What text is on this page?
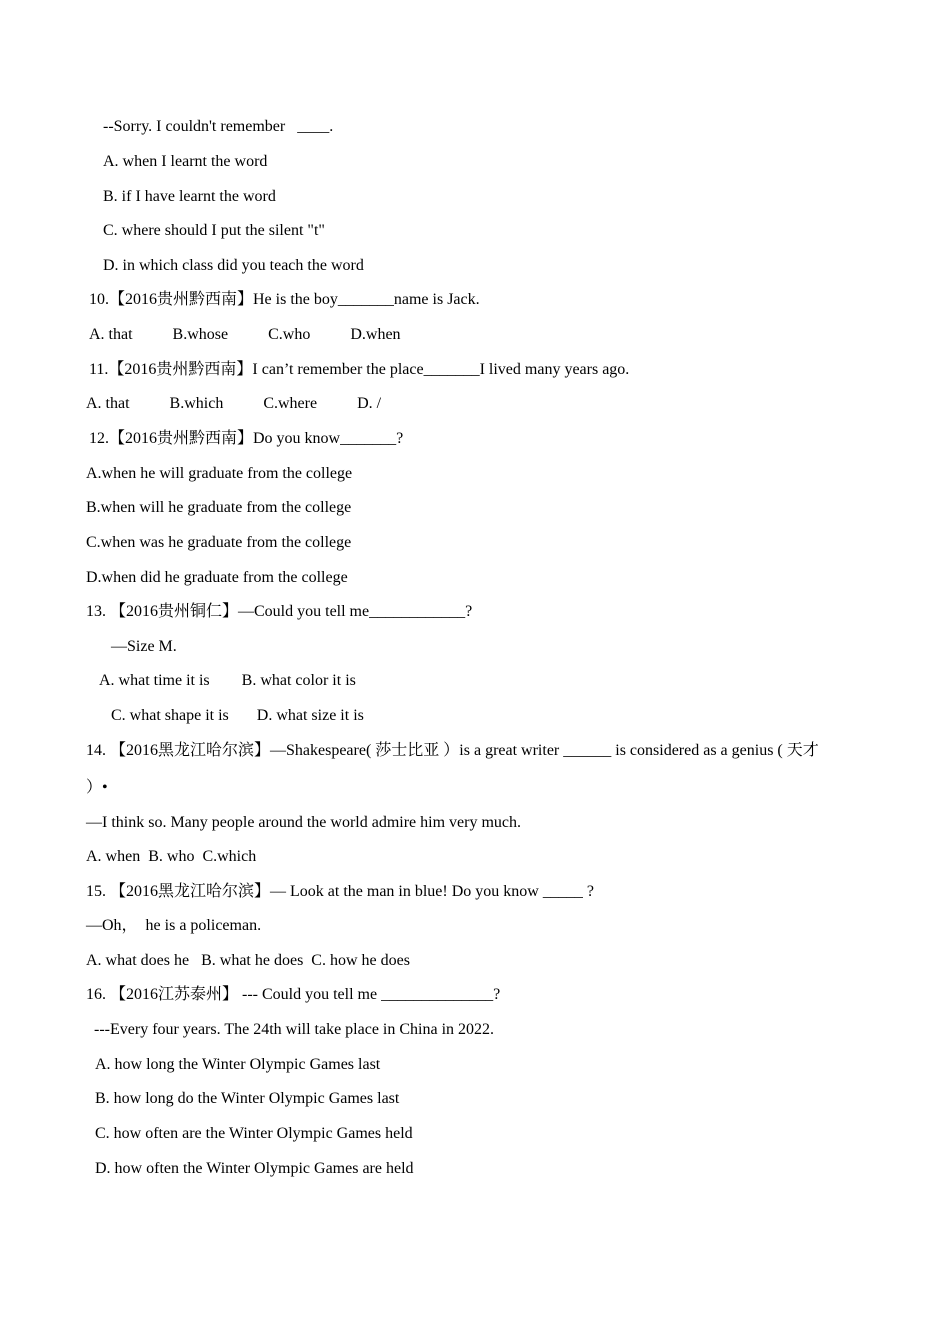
--Sorry. I couldn't remember   ____.
A. when I learnt the word
B. if I have learnt the word
C. where should I put the silent "t"
D. in which class did you teach the word
10.【2016贵州黔西南】He is the boy_______name is Jack.
A. that          B.whose          C.who          D.when
11.【2016贵州黔西南】I can’t remember the place_______I lived many years ago.
A. that          B.which          C.where          D. /
12.【2016贵州黔西南】Do you know_______?
A.when he will graduate from the college
B.when will he graduate from the college
C.when was he graduate from the college
D.when did he graduate from the college
13. 【2016贵州铜仁】—Could you tell me____________?
—Size M.
A. what time it is        B. what color it is
C. what shape it is       D. what size it is
14. 【2016黑龙江哈尔滨】—Shakespeare( 莎士比亚 ）is a great writer ______ is considered as a genius ( 天才
）•
—I think so. Many people around the world admire him very much.
A. when  B. who  C.which
15. 【2016黑龙江哈尔滨】— Look at the man in blue! Do you know _____ ?
—Oh，  he is a policeman.
A. what does he   B. what he does  C. how he does
16. 【2016江苏泰州】 --- Could you tell me ______________?
---Every four years. The 24th will take place in China in 2022.
A. how long the Winter Olympic Games last
B. how long do the Winter Olympic Games last
C. how often are the Winter Olympic Games held
D. how often the Winter Olympic Games are held
